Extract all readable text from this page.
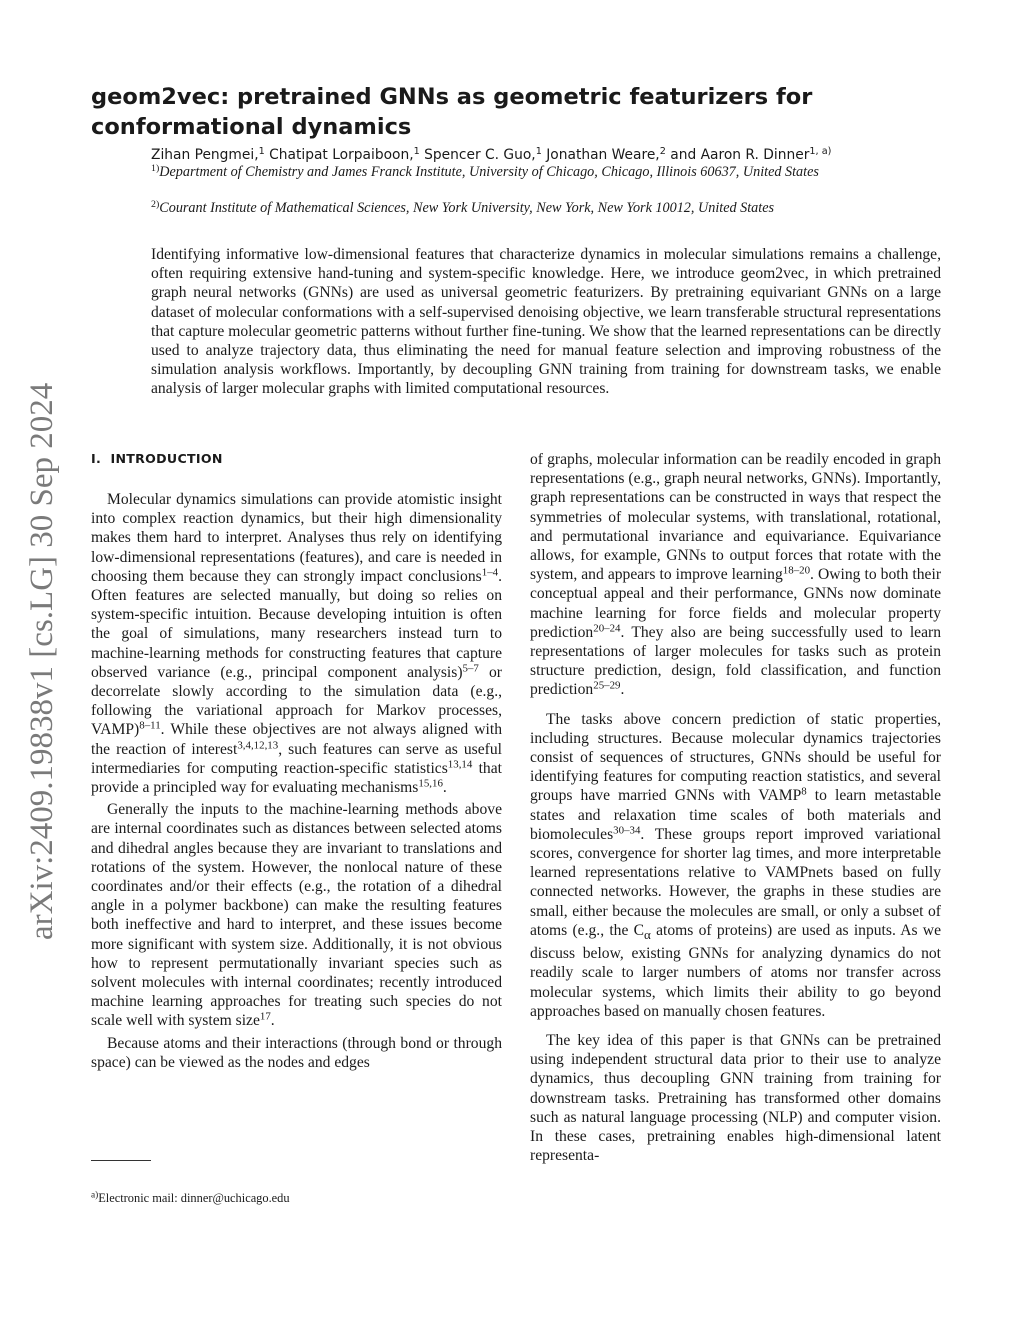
arXiv:2409.19838v1 [cs.LG] 30 Sep 2024
geom2vec: pretrained GNNs as geometric featurizers for conformational dynamics
Zihan Pengmei,$^1$ Chatipat Lorpaiboon,$^1$ Spencer C. Guo,$^1$ Jonathan Weare,$^2$ and Aaron R. Dinner$^{1, a)}$
$^{1)}$Department of Chemistry and James Franck Institute, University of Chicago, Chicago, Illinois 60637, United States
$^{2)}$Courant Institute of Mathematical Sciences, New York University, New York, New York 10012, United States

Identifying informative low-dimensional features that characterize dynamics in molecular simulations remains a challenge, often requiring extensive hand-tuning and system-specific knowledge. Here, we introduce geom2vec, in which pretrained graph neural networks (GNNs) are used as universal geometric featurizers. By pretraining equivariant GNNs on a large dataset of molecular conformations with a self-supervised denoising objective, we learn transferable structural representations that capture molecular geometric patterns without further fine-tuning. We show that the learned representations can be directly used to analyze trajectory data, thus eliminating the need for manual feature selection and improving robustness of the simulation analysis workflows. Importantly, by decoupling GNN training from training for downstream tasks, we enable analysis of larger molecular graphs with limited computational resources.

I. INTRODUCTION

Molecular dynamics simulations can provide atomistic insight into complex reaction dynamics, but their high dimensionality makes them hard to interpret. Analyses thus rely on identifying low-dimensional representations (features), and care is needed in choosing them because they can strongly impact conclusions$^{1-4}$. Often features are selected manually, but doing so relies on system-specific intuition. Because developing intuition is often the goal of simulations, many researchers instead turn to machine-learning methods for constructing features that capture observed variance (e.g., principal component analysis)$^{5-7}$ or decorrelate slowly according to the simulation data (e.g., following the variational approach for Markov processes, VAMP)$^{8-11}$. While these objectives are not always aligned with the reaction of interest$^{3,4,12,13}$, such features can serve as useful intermediaries for computing reaction-specific statistics$^{13,14}$ that provide a principled way for evaluating mechanisms$^{15,16}$.

Generally the inputs to the machine-learning methods above are internal coordinates such as distances between selected atoms and dihedral angles because they are invariant to translations and rotations of the system. However, the nonlocal nature of these coordinates and/or their effects (e.g., the rotation of a dihedral angle in a polymer backbone) can make the resulting features both ineffective and hard to interpret, and these issues become more significant with system size. Additionally, it is not obvious how to represent permutationally invariant species such as solvent molecules with internal coordinates; recently introduced machine learning approaches for treating such species do not scale well with system size$^{17}$.

Because atoms and their interactions (through bond or through space) can be viewed as the nodes and edges

of graphs, molecular information can be readily encoded in graph representations (e.g., graph neural networks, GNNs). Importantly, graph representations can be constructed in ways that respect the symmetries of molecular systems, with translational, rotational, and permutational invariance and equivariance. Equivariance allows, for example, GNNs to output forces that rotate with the system, and appears to improve learning$^{18-20}$. Owing to both their conceptual appeal and their performance, GNNs now dominate machine learning for force fields and molecular property prediction$^{20-24}$. They also are being successfully used to learn representations of larger molecules for tasks such as protein structure prediction, design, fold classification, and function prediction$^{25-29}$.

The tasks above concern prediction of static properties, including structures. Because molecular dynamics trajectories consist of sequences of structures, GNNs should be useful for identifying features for computing reaction statistics, and several groups have married GNNs with VAMP$^8$ to learn metastable states and relaxation time scales of both materials and biomolecules$^{30-34}$. These groups report improved variational scores, convergence for shorter lag times, and more interpretable learned representations relative to VAMPnets based on fully connected networks. However, the graphs in these studies are small, either because the molecules are small, or only a subset of atoms (e.g., the $C_\alpha$ atoms of proteins) are used as inputs. As we discuss below, existing GNNs for analyzing dynamics do not readily scale to larger numbers of atoms nor transfer across molecular systems, which limits their ability to go beyond approaches based on manually chosen features.

The key idea of this paper is that GNNs can be pretrained using independent structural data prior to their use to analyze dynamics, thus decoupling GNN training from training for downstream tasks. Pretraining has transformed other domains such as natural language processing (NLP) and computer vision. In these cases, pretraining enables high-dimensional latent representa-

$^{a)}$Electronic mail: dinner@uchicago.edu
